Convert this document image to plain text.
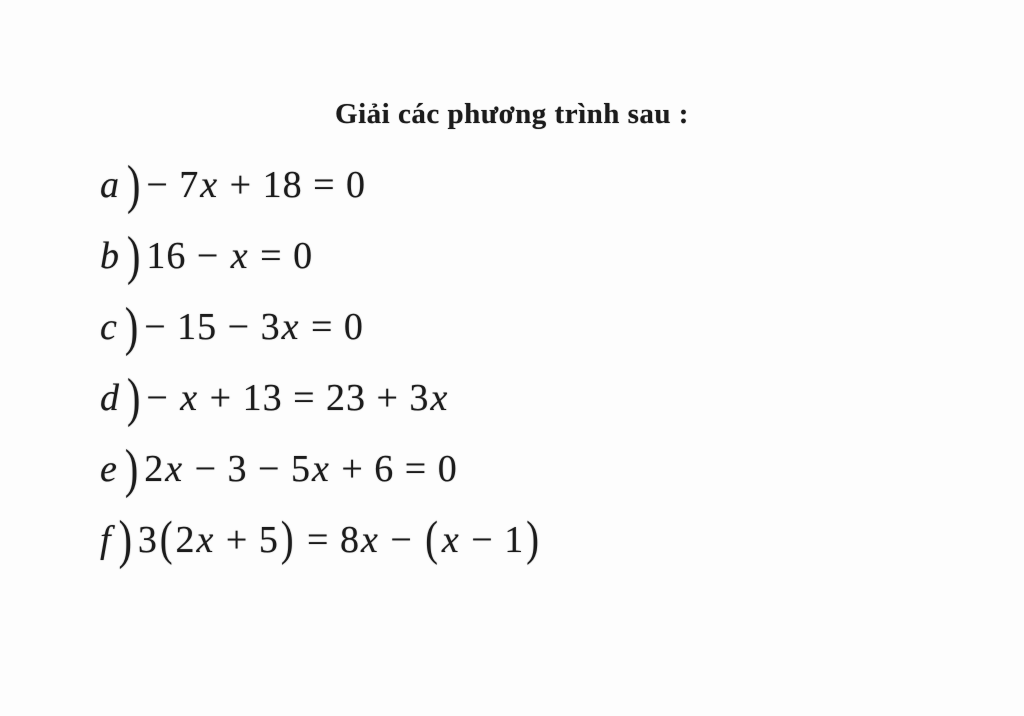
Giải các phương trình sau :
a ) − 7x + 18 = 0
b ) 16 − x = 0
c ) − 15 − 3x = 0
d ) − x + 13 = 23 + 3x
e ) 2x − 3 − 5x + 6 = 0
f ) 3(2x + 5) = 8x − (x − 1)
